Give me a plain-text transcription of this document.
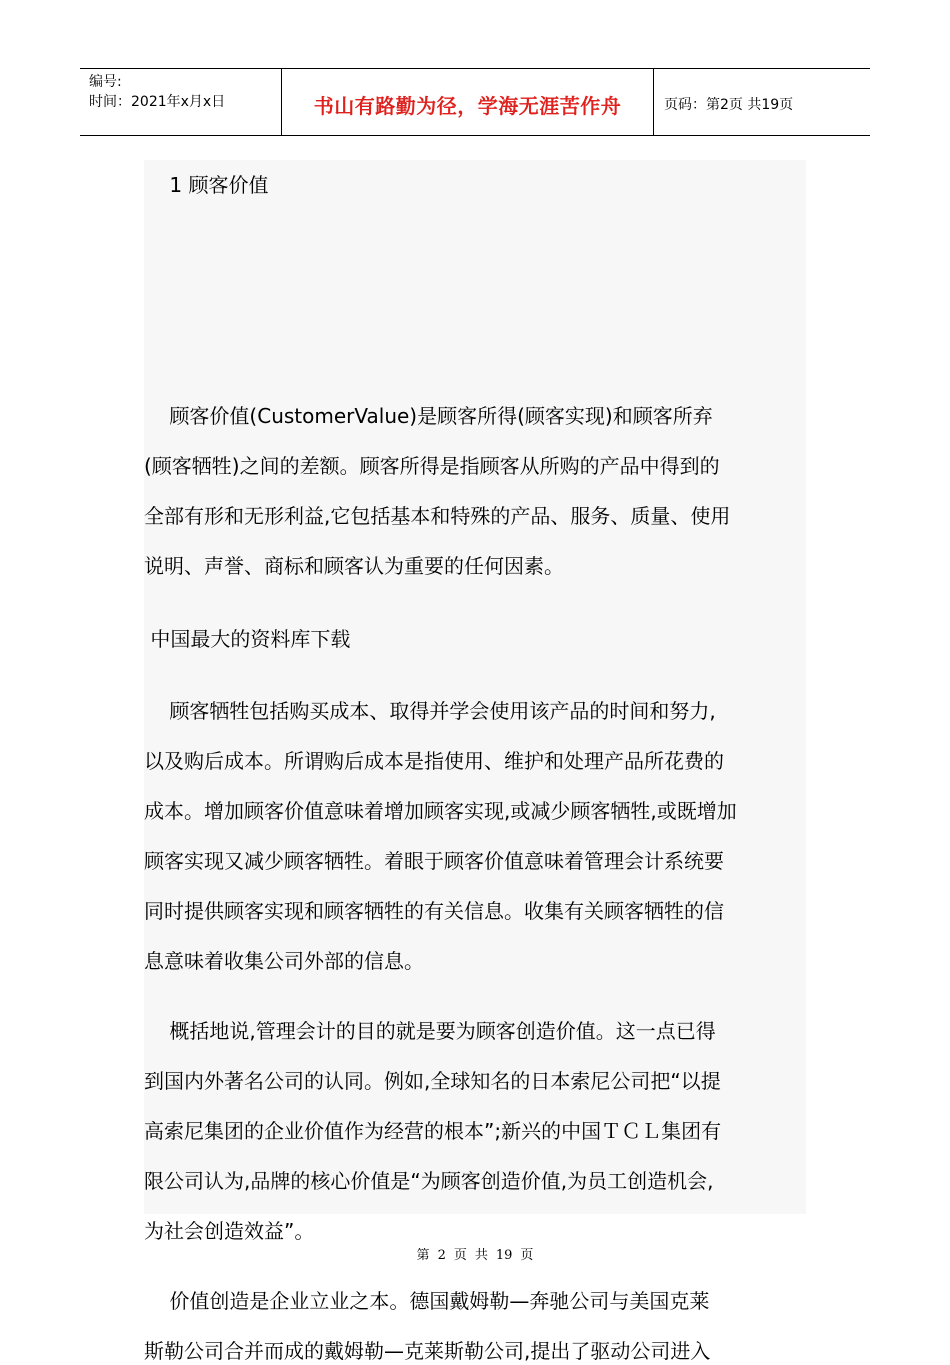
编号:
时间：2021年x月x日	书山有路勤为径，学海无涯苦作舟	页码：第2页 共19页
1 顾客价值
顾客价值(CustomerValue)是顾客所得(顾客实现)和顾客所弃
(顾客牺牲)之间的差额。顾客所得是指顾客从所购的产品中得到的
全部有形和无形利益,它包括基本和特殊的产品、服务、质量、使用
说明、声誉、商标和顾客认为重要的任何因素。
中国最大的资料库下载
顾客牺牲包括购买成本、取得并学会使用该产品的时间和努力,
以及购后成本。所谓购后成本是指使用、维护和处理产品所花费的
成本。增加顾客价值意味着增加顾客实现,或减少顾客牺牲,或既增加
顾客实现又减少顾客牺牲。着眼于顾客价值意味着管理会计系统要
同时提供顾客实现和顾客牺牲的有关信息。收集有关顾客牺牲的信
息意味着收集公司外部的信息。
概括地说,管理会计的目的就是要为顾客创造价值。这一点已得
到国内外著名公司的认同。例如,全球知名的日本索尼公司把“以提
高索尼集团的企业价值作为经营的根本”;新兴的中国ＴＣＬ集团有
限公司认为,品牌的核心价值是“为顾客创造价值,为员工创造机会,
为社会创造效益”。
价值创造是企业立业之本。德国戴姆勒—奔驰公司与美国克莱
斯勒公司合并而成的戴姆勒—克莱斯勒公司,提出了驱动公司进入
第 2 页 共 19 页
